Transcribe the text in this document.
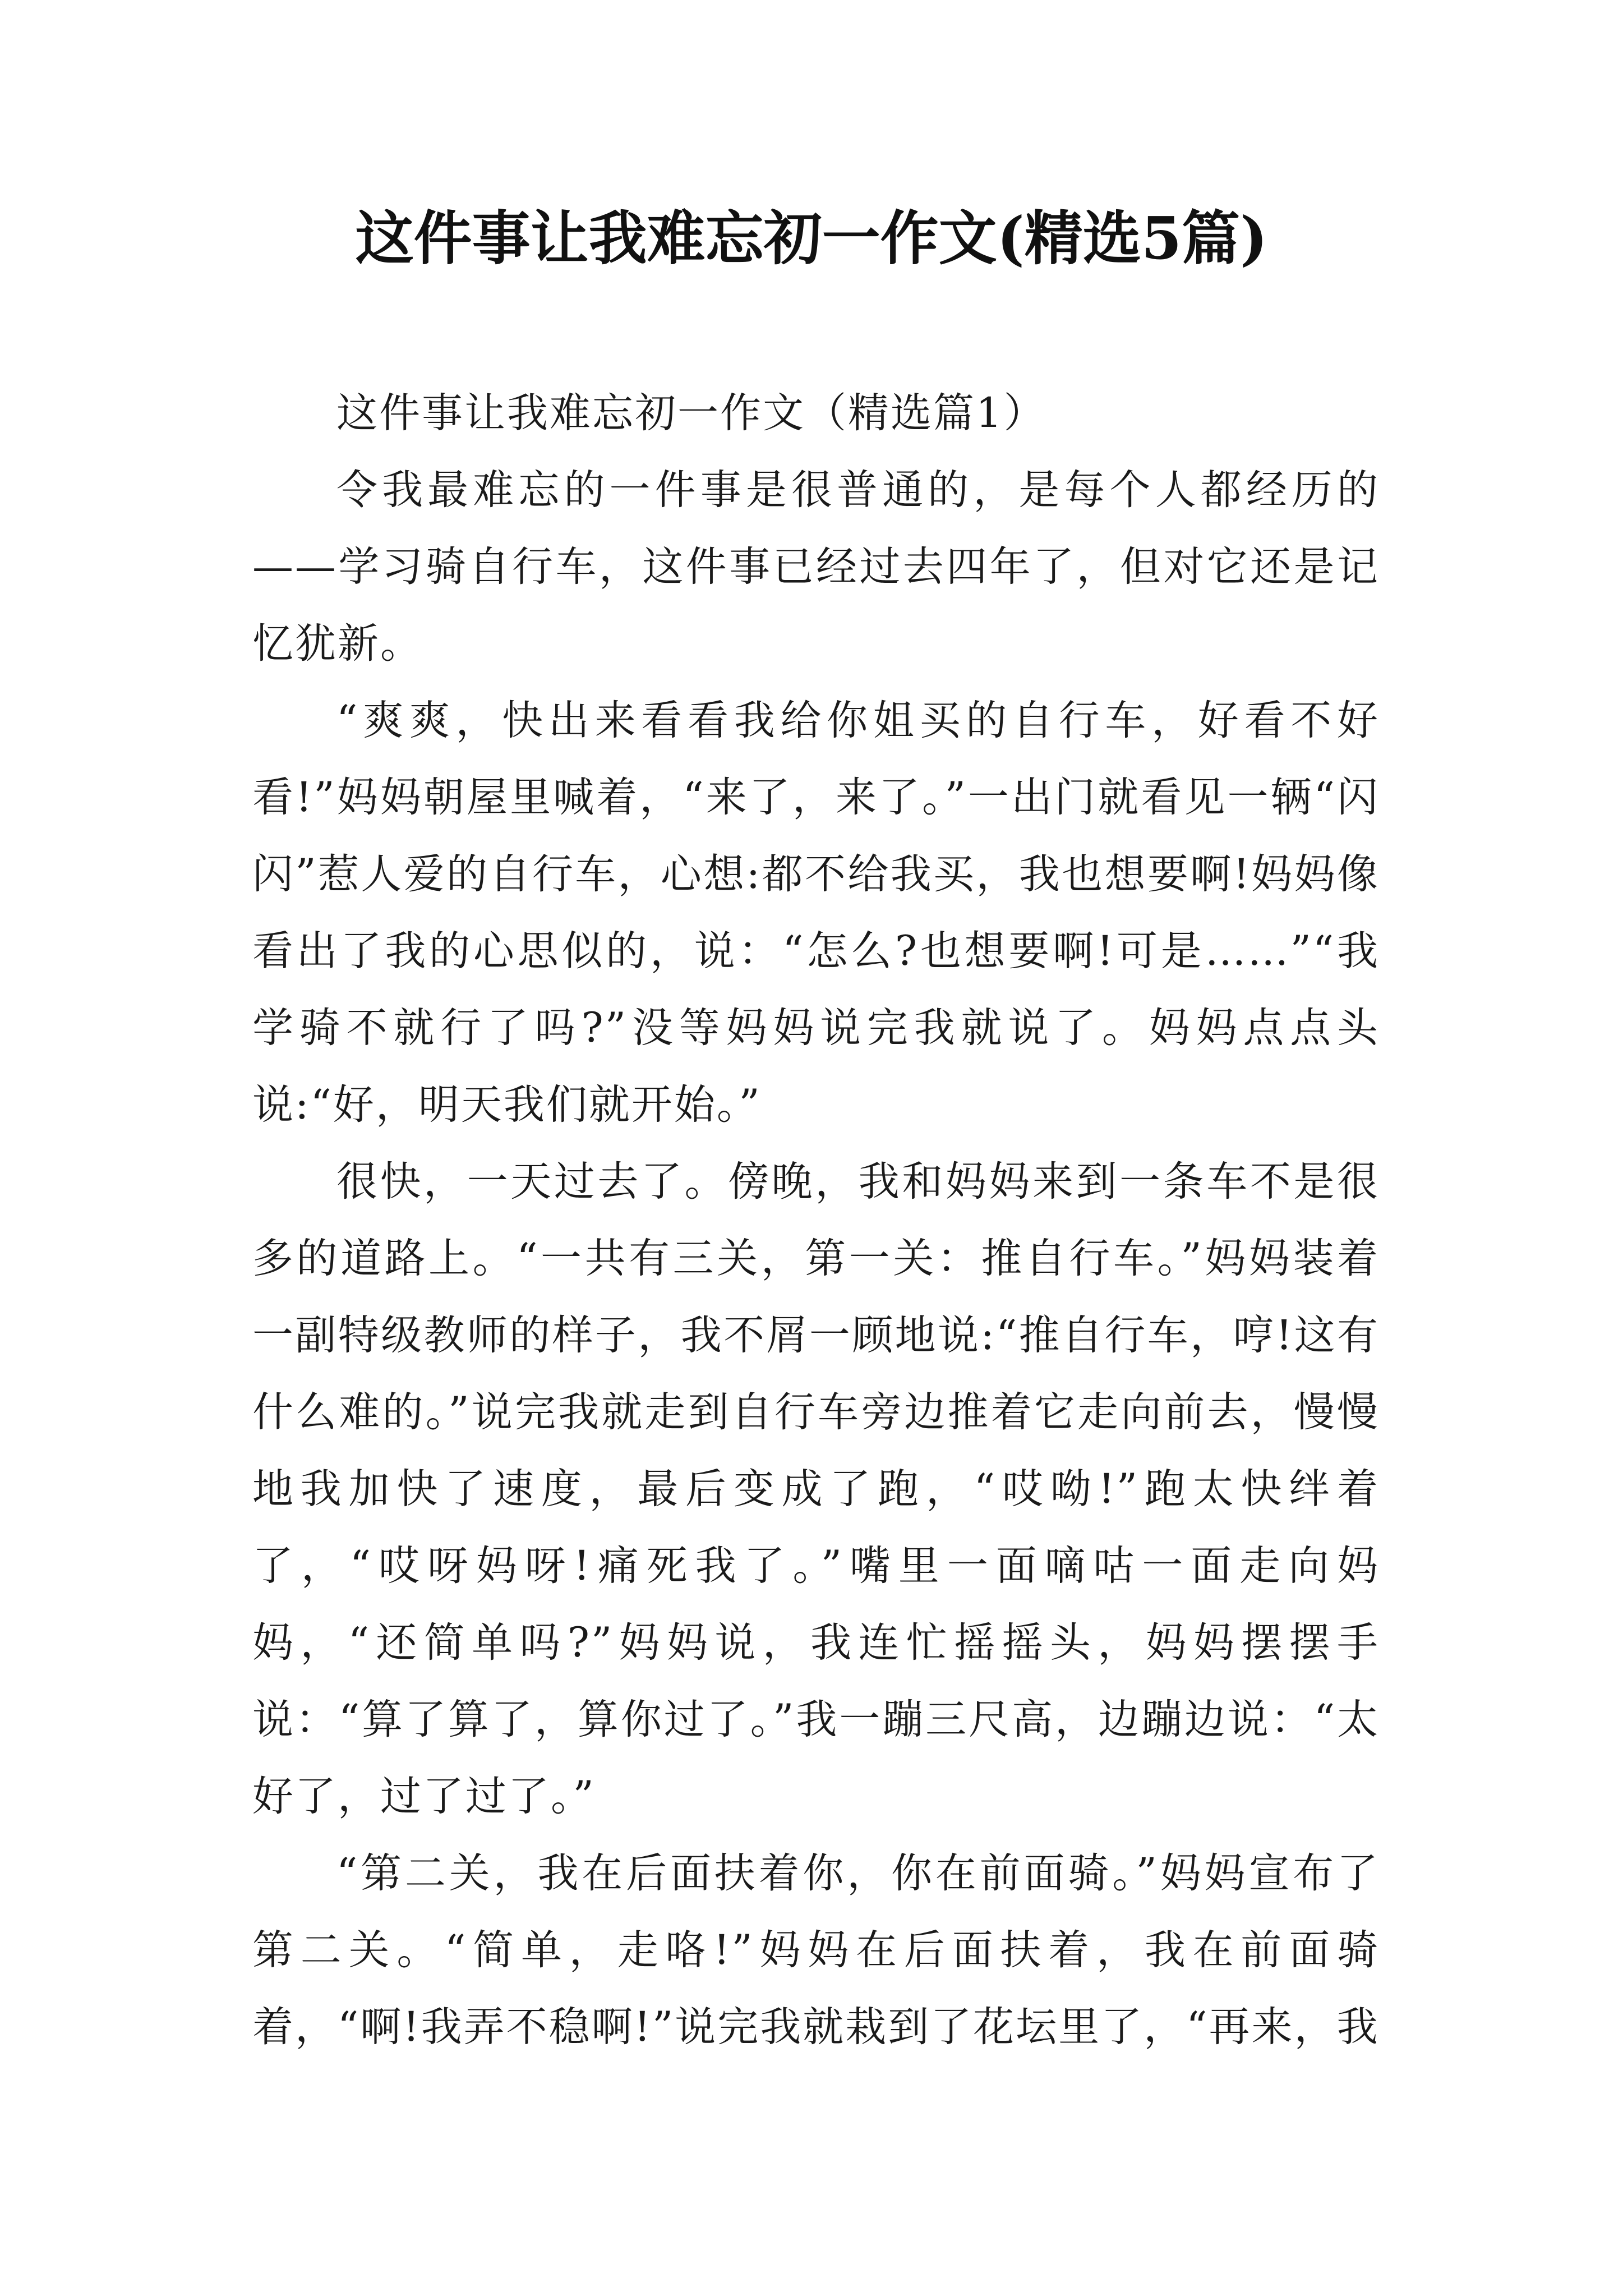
这件事让我难忘初一作文(精选5篇)

这件事让我难忘初一作文（精选篇1）

令我最难忘的一件事是很普通的，是每个人都经历的——学习骑自行车，这件事已经过去四年了，但对它还是记忆犹新。

“爽爽，快出来看看我给你姐买的自行车，好看不好看!”妈妈朝屋里喊着，“来了，来了。”一出门就看见一辆“闪闪”惹人爱的自行车，心想:都不给我买，我也想要啊!妈妈像看出了我的心思似的，说：“怎么?也想要啊!可是……”“我学骑不就行了吗?”没等妈妈说完我就说了。妈妈点点头说:“好，明天我们就开始。”

很快，一天过去了。傍晚，我和妈妈来到一条车不是很多的道路上。“一共有三关，第一关：推自行车。”妈妈装着一副特级教师的样子，我不屑一顾地说:“推自行车，哼!这有什么难的。”说完我就走到自行车旁边推着它走向前去，慢慢地我加快了速度，最后变成了跑，“哎呦!”跑太快绊着了，“哎呀妈呀!痛死我了。”嘴里一面嘀咕一面走向妈妈，“还简单吗?”妈妈说，我连忙摇摇头，妈妈摆摆手说：“算了算了，算你过了。”我一蹦三尺高，边蹦边说：“太好了，过了过了。”

“第二关，我在后面扶着你，你在前面骑。”妈妈宣布了第二关。“简单，走咯!”妈妈在后面扶着，我在前面骑着，“啊!我弄不稳啊!”说完我就栽到了花坛里了，“再来，我
